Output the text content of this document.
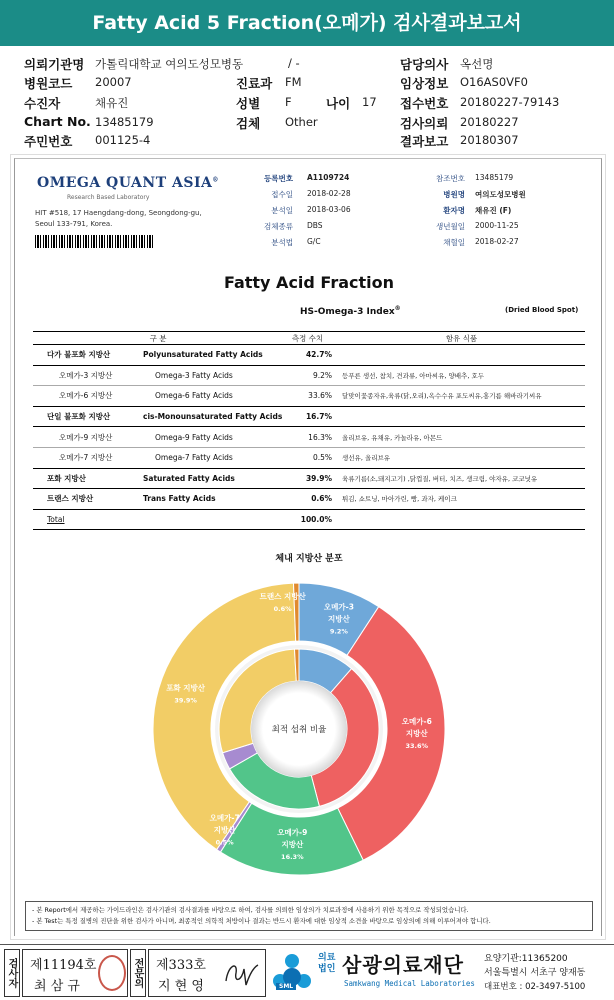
Fatty Acid 5 Fraction(오메가) 검사결과보고서
의뢰기관명 가톨릭대학교 여의도성모병동	/ -	담당의사 옥선명
병원코드 20007	진료과 FM	임상정보 O16AS0VF0
수진자	채유진	성별 F	나이 17 접수번호 20180227-79143
Chart No. 13485179	검체 Other	검사의뢰 20180227
주민번호 001125-4	결과보고 20180307
OMEGA QUANT ASIA®
Research Based Laboratory
HIT #518, 17 Haengdang-dong, Seongdong-gu,
Seoul 133-791, Korea.
등록번호 A1109724	참조번호 13485179
접수일 2018-02-28	병원명 여의도성모병원
분석일 2018-03-06	환자명 채유진 (F)
검체종류 DBS	생년월일 2000-11-25
분석법 G/C	채혈일 2018-02-27
Fatty Acid Fraction
HS-Omega-3 Index®	(Dried Blood Spot)
구 분		측정 수치	함유 식품
다가 불포화 지방산	Polyunsaturated Fatty Acids	42.7%	
오메가-3 지방산	Omega-3 Fatty Acids	9.2%	등푸른 생선, 참치, 견과류, 아마씨유, 양배추, 호두
오메가-6 지방산	Omega-6 Fatty Acids	33.6%	달맞이꽃종자유,육류(닭,오리),옥수수유 포도씨유,홍기름 해바라기씨유
단일 불포화 지방산	cis-Monounsaturated Fatty Acids	16.7%	
오메가-9 지방산	Omega-9 Fatty Acids	16.3%	올리브유, 유채유, 카놀라유, 아몬드
오메가-7 지방산	Omega-7 Fatty Acids	0.5%	생선유, 올리브유
포화 지방산	Saturated Fatty Acids	39.9%	육류기름(소,돼지고기) ,닭껍질, 버터, 치즈, 생크림, 야자유, 코코넛유
트랜스 지방산	Trans Fatty Acids	0.6%	튀김, 쇼트닝, 마아가린, 빵, 과자, 케이크
Total		100.0%	
체내 지방산 분포
최적 섭취 비율
오메가-3
지방산
9.2%
오메가-6
지방산
33.6%
오메가-9
지방산
16.3%
오메가-7
지방산
0.5%
포화 지방산
39.9%
트랜스 지방산
0.6%
- 본 Report에서 제공하는 가이드라인은 검사기관의 검사결과를 바탕으로 하여, 검사를 의뢰한 임상의가 치료과정에 사용하기 위한 목적으로 작성되었습니다.
- 본 Test는 특정 질병의 진단을 위한 검사가 아니며, 최종적인 의학적 처방이나 결과는 반드시 환자에 대한 임상적 소견을 바탕으로 임상의에 의해 이루어져야 합니다.
검사자 제11194호
최 삼 규	전문의 제333호
지 현 영	SML
의료
법인 삼광의료재단
Samkwang Medical Laboratories
요양기관:11365200
서울특별시 서초구 양재동
대표번호 : 02-3497-5100
